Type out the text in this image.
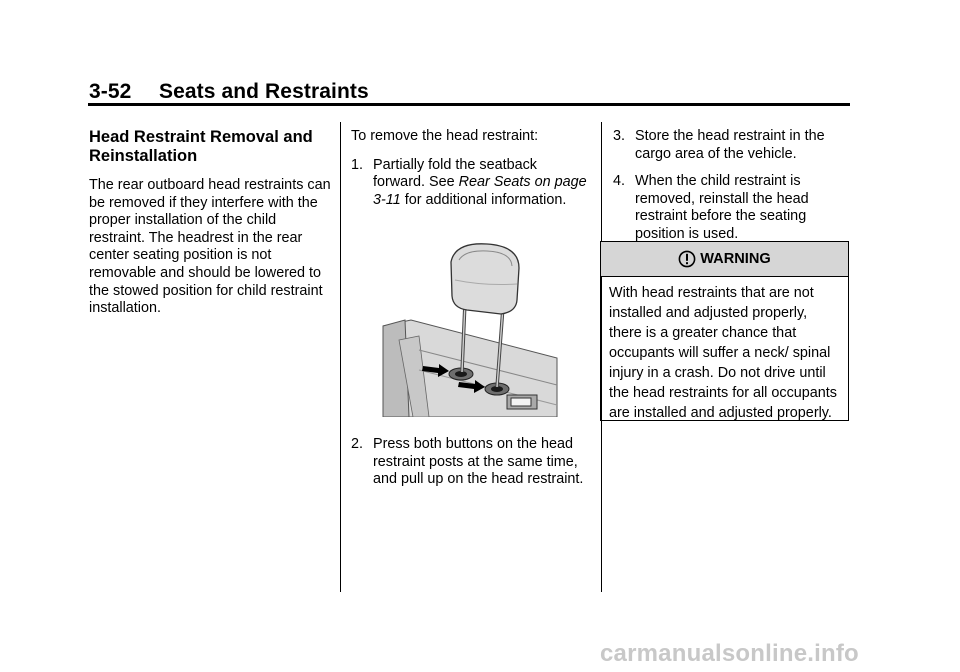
3-52 Seats and Restraints
Head Restraint Removal and Reinstallation

The rear outboard head restraints can be removed if they interfere with the proper installation of the child restraint. The headrest in the rear center seating position is not removable and should be lowered to the stowed position for child restraint installation.

To remove the head restraint:

1. Partially fold the seatback forward. See Rear Seats on page 3-11 for additional information.

2. Press both buttons on the head restraint posts at the same time, and pull up on the head restraint.

3. Store the head restraint in the cargo area of the vehicle.

4. When the child restraint is removed, reinstall the head restraint before the seating position is used.

WARNING
With head restraints that are not installed and adjusted properly, there is a greater chance that occupants will suffer a neck/ spinal injury in a crash. Do not drive until the head restraints for all occupants are installed and adjusted properly.
carmanualsonline.info
